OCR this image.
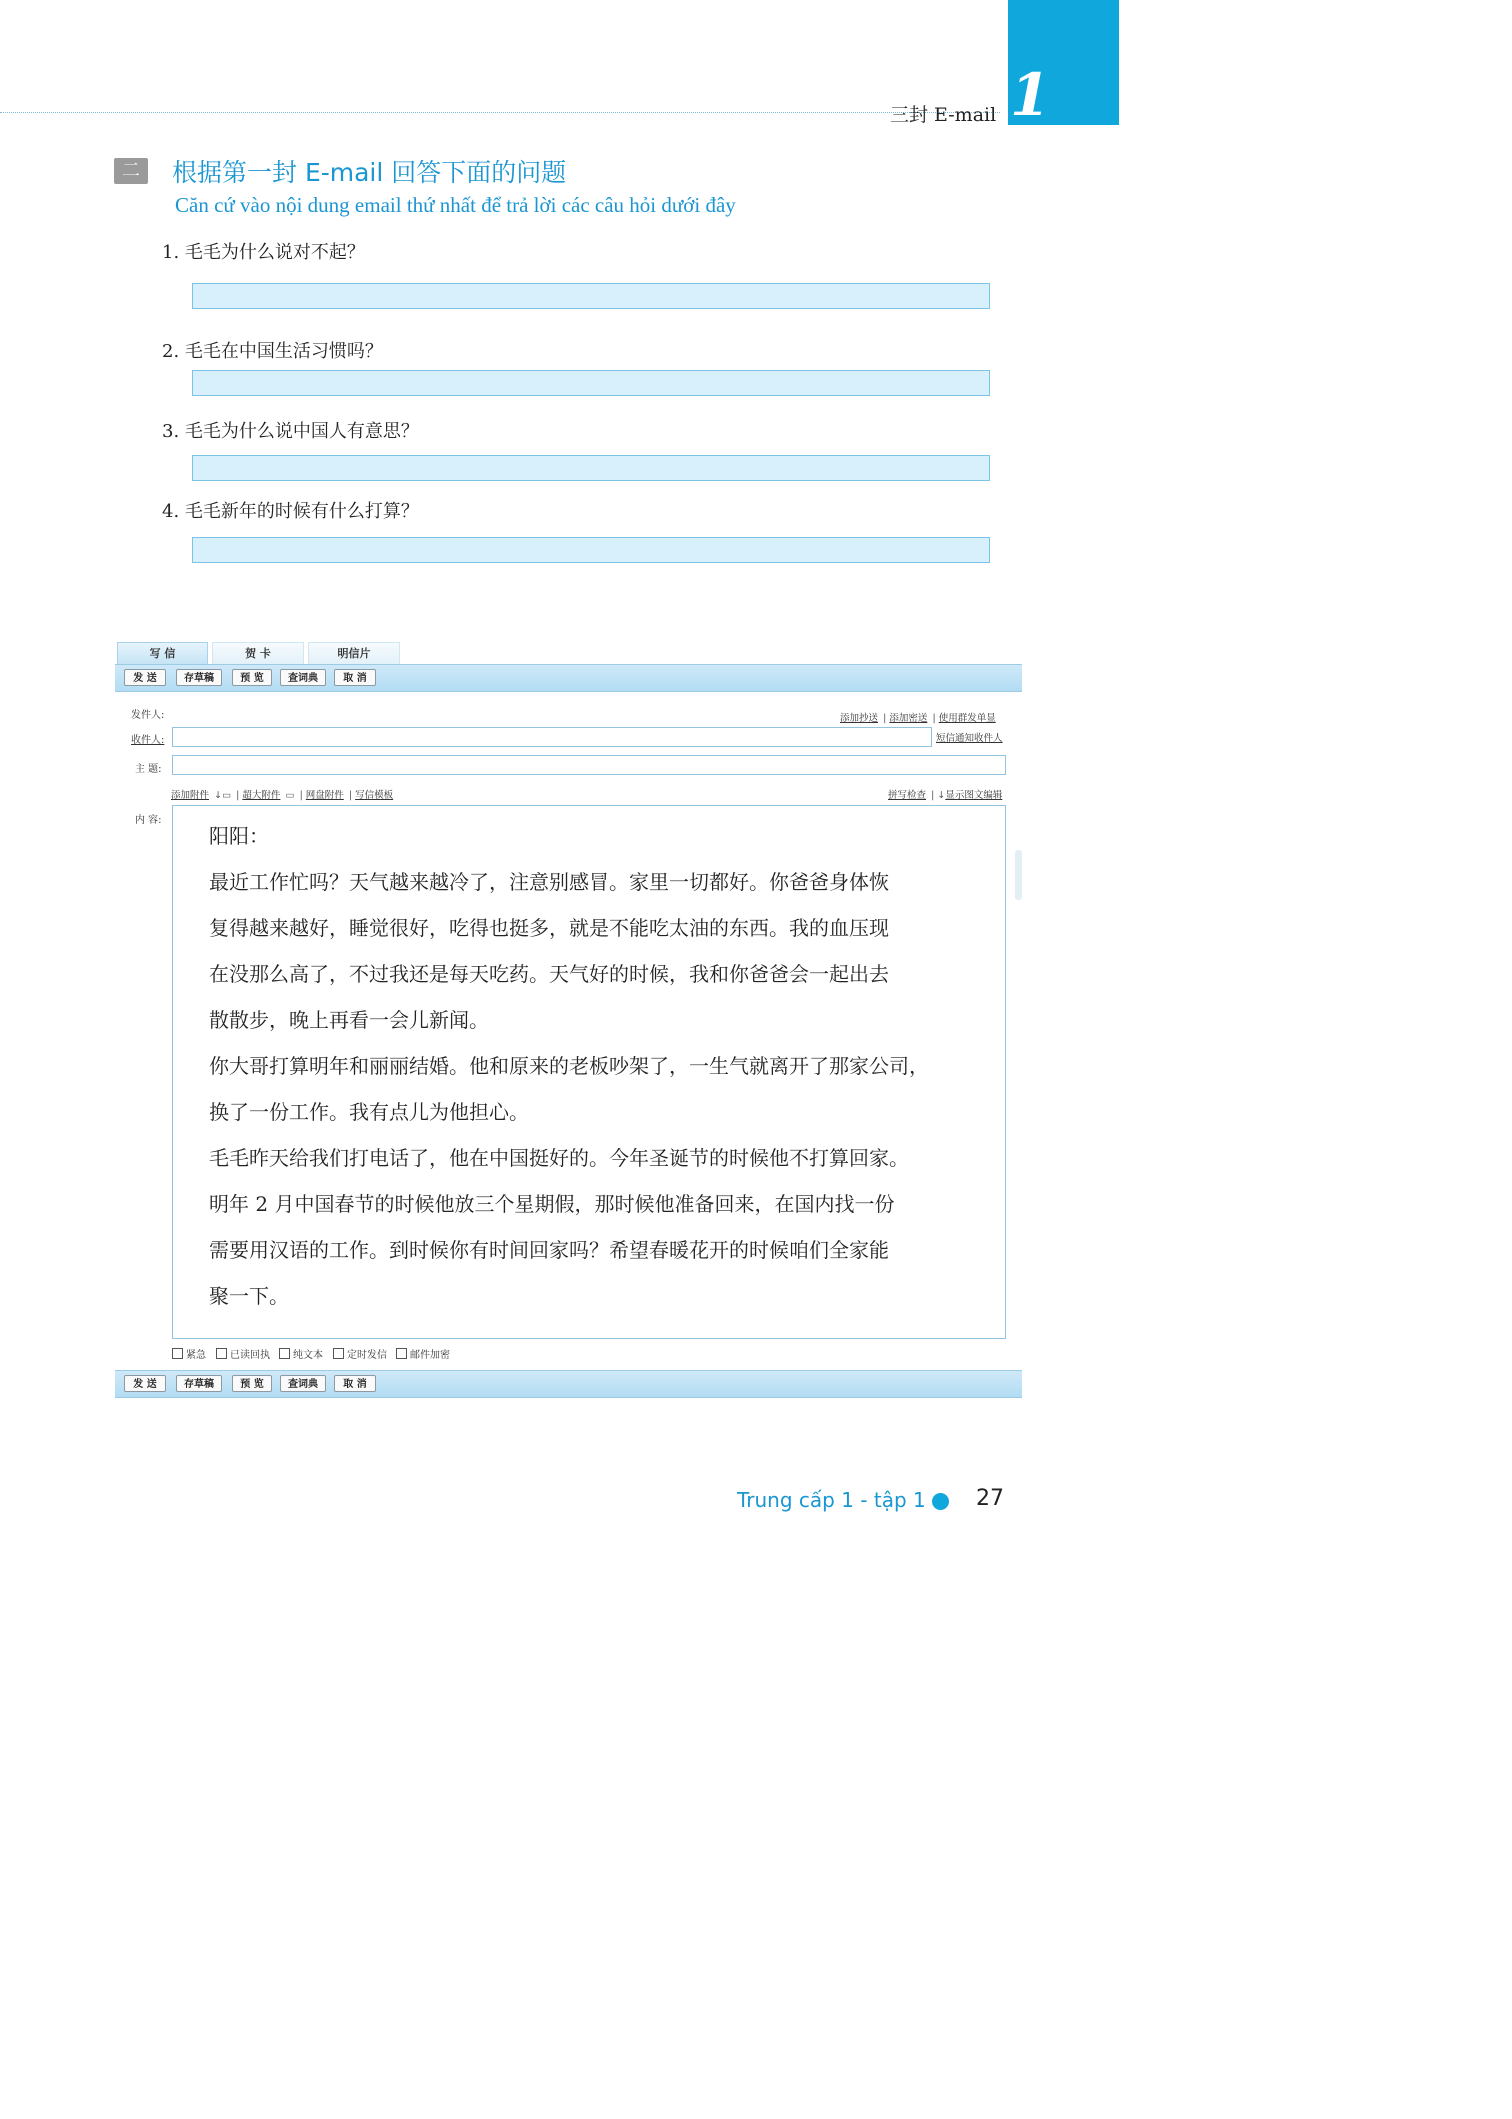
三封 E-mail 1
二	根据第一封 E-mail 回答下面的问题
Căn cứ vào nội dung email thứ nhất để trả lời các câu hỏi dưới đây
1. 毛毛为什么说对不起？
2. 毛毛在中国生活习惯吗？
3. 毛毛为什么说中国人有意思？
4. 毛毛新年的时候有什么打算？
写 信	贺 卡	明信片
发 送	存草稿	预 览	查词典	取 消
发件人:	添加抄送 | 添加密送 | 使用群发单显
收件人:	短信通知收件人
主 题:
添加附件 ↓▭ | 超大附件 ▭ | 网盘附件 | 写信模板	拼写检查 | ↓显示图文编辑
内 容:
阳阳：
最近工作忙吗？天气越来越冷了，注意别感冒。家里一切都好。你爸爸身体恢
复得越来越好，睡觉很好，吃得也挺多，就是不能吃太油的东西。我的血压现
在没那么高了，不过我还是每天吃药。天气好的时候，我和你爸爸会一起出去
散散步，晚上再看一会儿新闻。
你大哥打算明年和丽丽结婚。他和原来的老板吵架了，一生气就离开了那家公司，
换了一份工作。我有点儿为他担心。
毛毛昨天给我们打电话了，他在中国挺好的。今年圣诞节的时候他不打算回家。
明年 2 月中国春节的时候他放三个星期假，那时候他准备回来，在国内找一份
需要用汉语的工作。到时候你有时间回家吗？希望春暖花开的时候咱们全家能
聚一下。
紧急	已读回执	纯文本	定时发信	邮件加密
发 送	存草稿	预 览	查词典	取 消
Trung cấp 1 - tập 1 27
